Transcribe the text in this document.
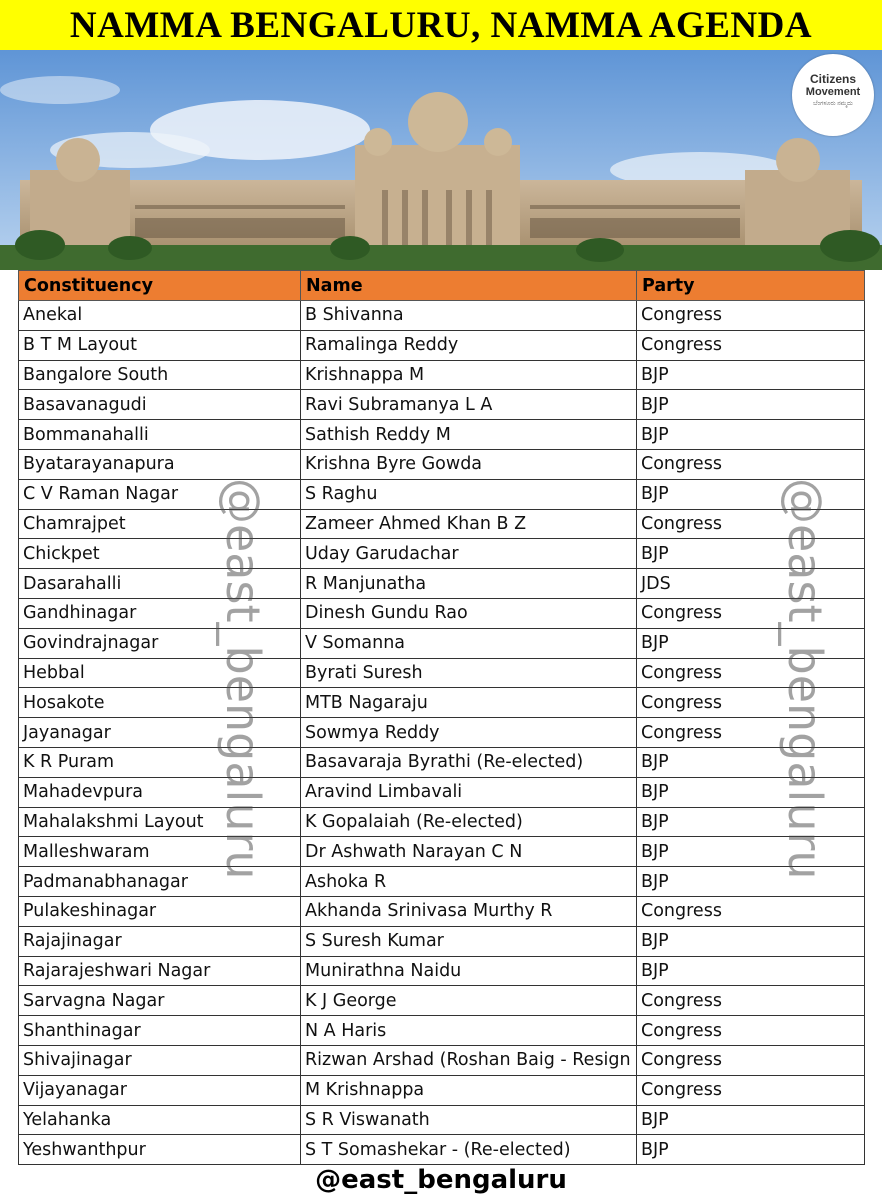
NAMMA BENGALURU, NAMMA AGENDA
Citizens
Movement
ಬೆಂಗಳೂರು ನಮ್ಮದು
Constituency	Name	Party
Anekal	B Shivanna	Congress
B T M Layout	Ramalinga Reddy	Congress
Bangalore South	Krishnappa M	BJP
Basavanagudi	Ravi Subramanya L A	BJP
Bommanahalli	Sathish Reddy M	BJP
Byatarayanapura	Krishna Byre Gowda	Congress
C V Raman Nagar	S Raghu	BJP
Chamrajpet	Zameer Ahmed Khan B Z	Congress
Chickpet	Uday Garudachar	BJP
Dasarahalli	R Manjunatha	JDS
Gandhinagar	Dinesh Gundu Rao	Congress
Govindrajnagar	V Somanna	BJP
Hebbal	Byrati Suresh	Congress
Hosakote	MTB Nagaraju	Congress
Jayanagar	Sowmya Reddy	Congress
K R Puram	Basavaraja Byrathi (Re-elected)	BJP
Mahadevpura	Aravind Limbavali	BJP
Mahalakshmi Layout	K Gopalaiah (Re-elected)	BJP
Malleshwaram	Dr Ashwath Narayan C N	BJP
Padmanabhanagar	Ashoka R	BJP
Pulakeshinagar	Akhanda Srinivasa Murthy R	Congress
Rajajinagar	S Suresh Kumar	BJP
Rajarajeshwari Nagar	Munirathna Naidu	BJP
Sarvagna Nagar	K J George	Congress
Shanthinagar	N A Haris	Congress
Shivajinagar	Rizwan Arshad (Roshan Baig - Resign	Congress
Vijayanagar	M Krishnappa	Congress
Yelahanka	S R Viswanath	BJP
Yeshwanthpur	S T Somashekar - (Re-elected)	BJP
@east_bengaluru	@east_bengaluru
@east_bengaluru
